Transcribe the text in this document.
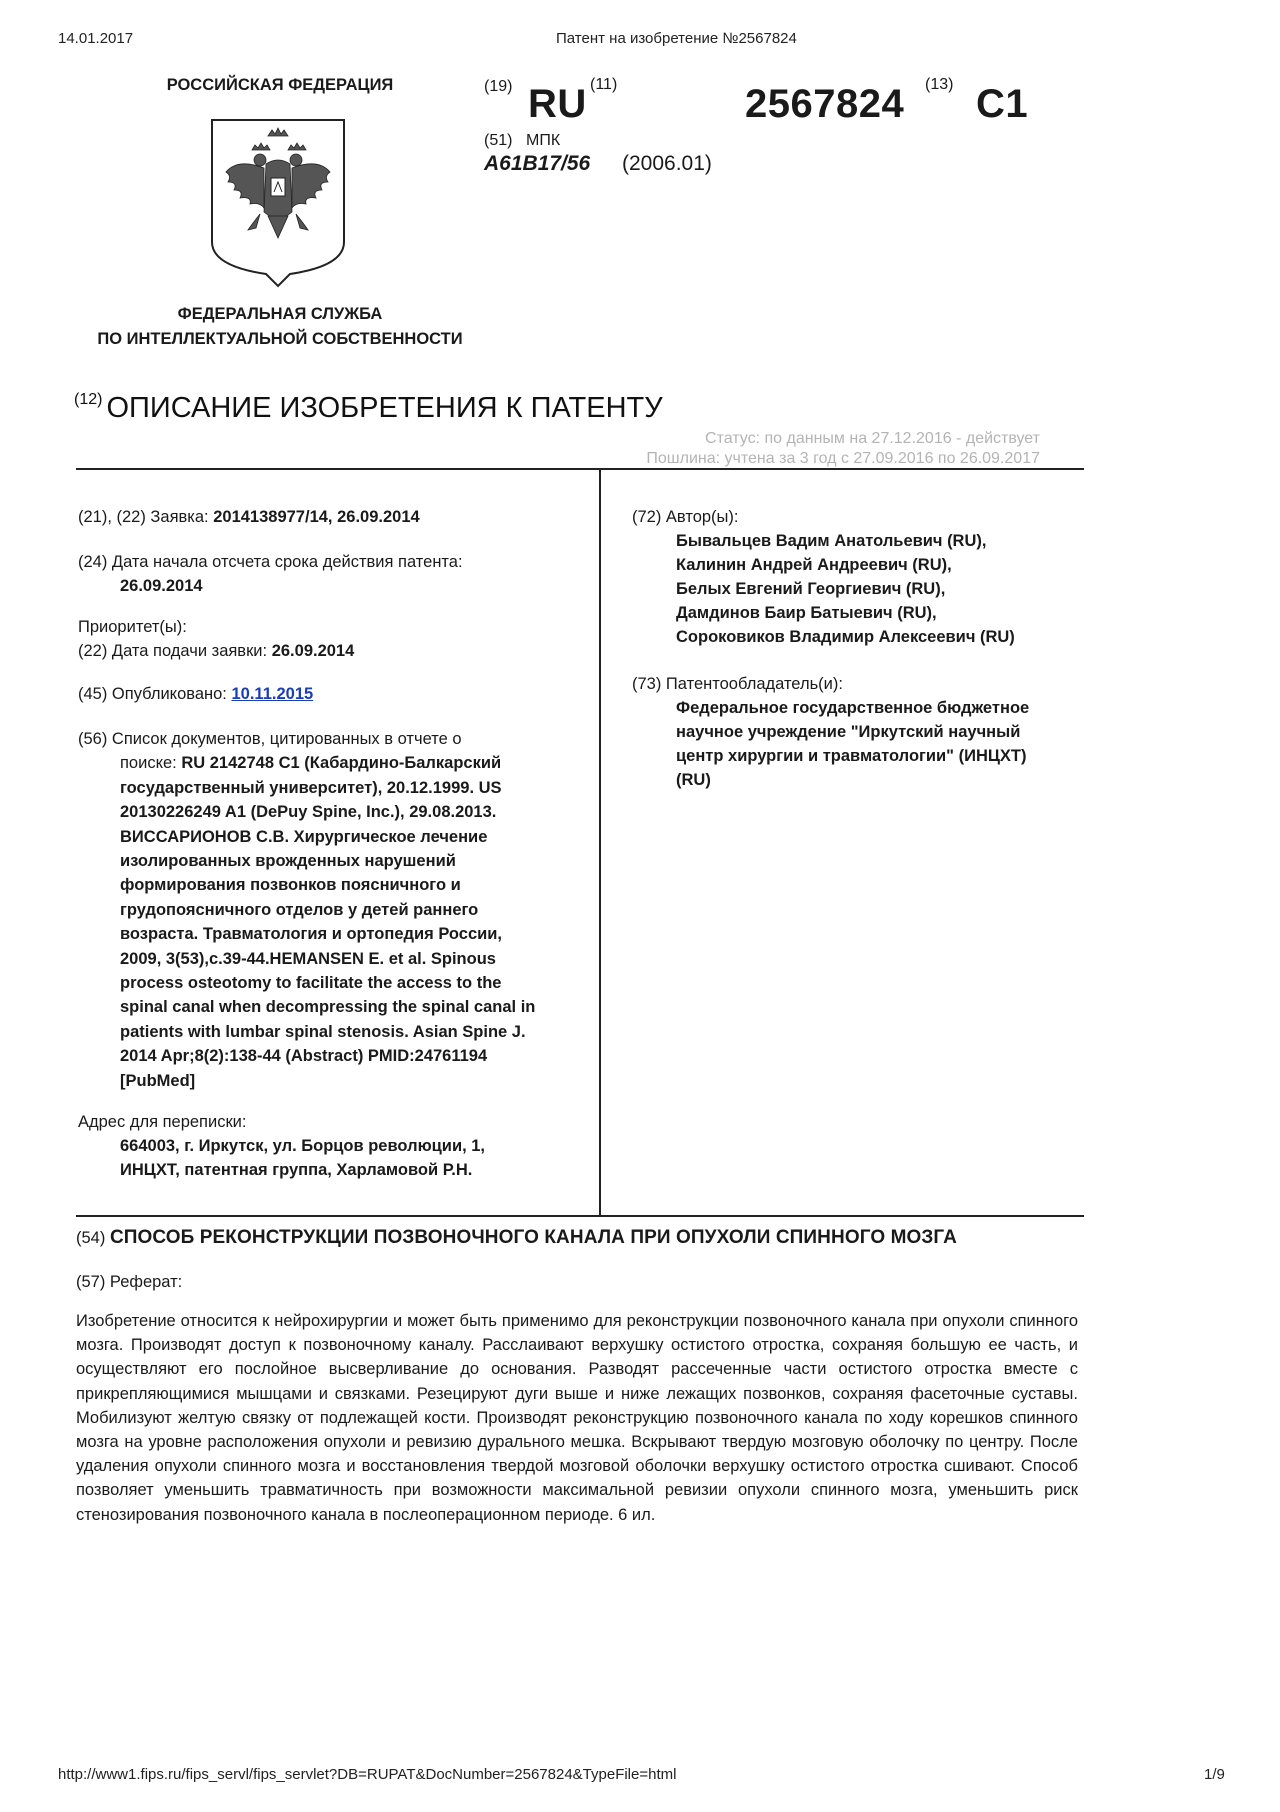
14.01.2017	Патент на изобретение №2567824
РОССИЙСКАЯ ФЕДЕРАЦИЯ
ФЕДЕРАЛЬНАЯ СЛУЖБА
ПО ИНТЕЛЛЕКТУАЛЬНОЙ СОБСТВЕННОСТИ
(19) RU (11)	2567824 (13) C1
(51) МПК
A61B17/56 (2006.01)
$^{(12)}$ ОПИСАНИЕ ИЗОБРЕТЕНИЯ К ПАТЕНТУ
Статус: по данным на 27.12.2016 - действует
Пошлина: учтена за 3 год с 27.09.2016 по 26.09.2017
(21), (22) Заявка: 2014138977/14, 26.09.2014
(24) Дата начала отсчета срока действия патента:
26.09.2014
Приоритет(ы):
(22) Дата подачи заявки: 26.09.2014
(45) Опубликовано: 10.11.2015
(56) Список документов, цитированных в отчете о
поиске: RU 2142748 C1 (Кабардино-Балкарский
государственный университет), 20.12.1999. US
20130226249 A1 (DePuy Spine, Inc.), 29.08.2013.
ВИССАРИОНОВ С.В. Хирургическое лечение
изолированных врожденных нарушений
формирования позвонков поясничного и
грудопоясничного отделов у детей раннего
возраста. Травматология и ортопедия России,
2009, 3(53),с.39-44.HEMANSEN E. et al. Spinous
process osteotomy to facilitate the access to the
spinal canal when decompressing the spinal canal in
patients with lumbar spinal stenosis. Asian Spine J.
2014 Apr;8(2):138-44 (Abstract) PMID:24761194
[PubMed]
Адрес для переписки:
664003, г. Иркутск, ул. Борцов революции, 1,
ИНЦХТ, патентная группа, Харламовой Р.Н.
(72) Автор(ы):
Бывальцев Вадим Анатольевич (RU),
Калинин Андрей Андреевич (RU),
Белых Евгений Георгиевич (RU),
Дамдинов Баир Батыевич (RU),
Сороковиков Владимир Алексеевич (RU)
(73) Патентообладатель(и):
Федеральное государственное бюджетное
научное учреждение "Иркутский научный
центр хирургии и травматологии" (ИНЦХТ)
(RU)
(54) СПОСОБ РЕКОНСТРУКЦИИ ПОЗВОНОЧНОГО КАНАЛА ПРИ ОПУХОЛИ СПИННОГО МОЗГА
(57) Реферат:
Изобретение относится к нейрохирургии и может быть применимо для реконструкции позвоночного канала при опухоли спинного мозга. Производят доступ к позвоночному каналу. Расслаивают верхушку остистого отростка, сохраняя большую ее часть, и осуществляют его послойное высверливание до основания. Разводят рассеченные части остистого отростка вместе с прикрепляющимися мышцами и связками. Резецируют дуги выше и ниже лежащих позвонков, сохраняя фасеточные суставы. Мобилизуют желтую связку от подлежащей кости. Производят реконструкцию позвоночного канала по ходу корешков спинного мозга на уровне расположения опухоли и ревизию дурального мешка. Вскрывают твердую мозговую оболочку по центру. После удаления опухоли спинного мозга и восстановления твердой мозговой оболочки верхушку остистого отростка сшивают. Способ позволяет уменьшить травматичность при возможности максимальной ревизии опухоли спинного мозга, уменьшить риск стенозирования позвоночного канала в послеоперационном периоде. 6 ил.
http://www1.fips.ru/fips_servl/fips_servlet?DB=RUPAT&DocNumber=2567824&TypeFile=html	1/9
